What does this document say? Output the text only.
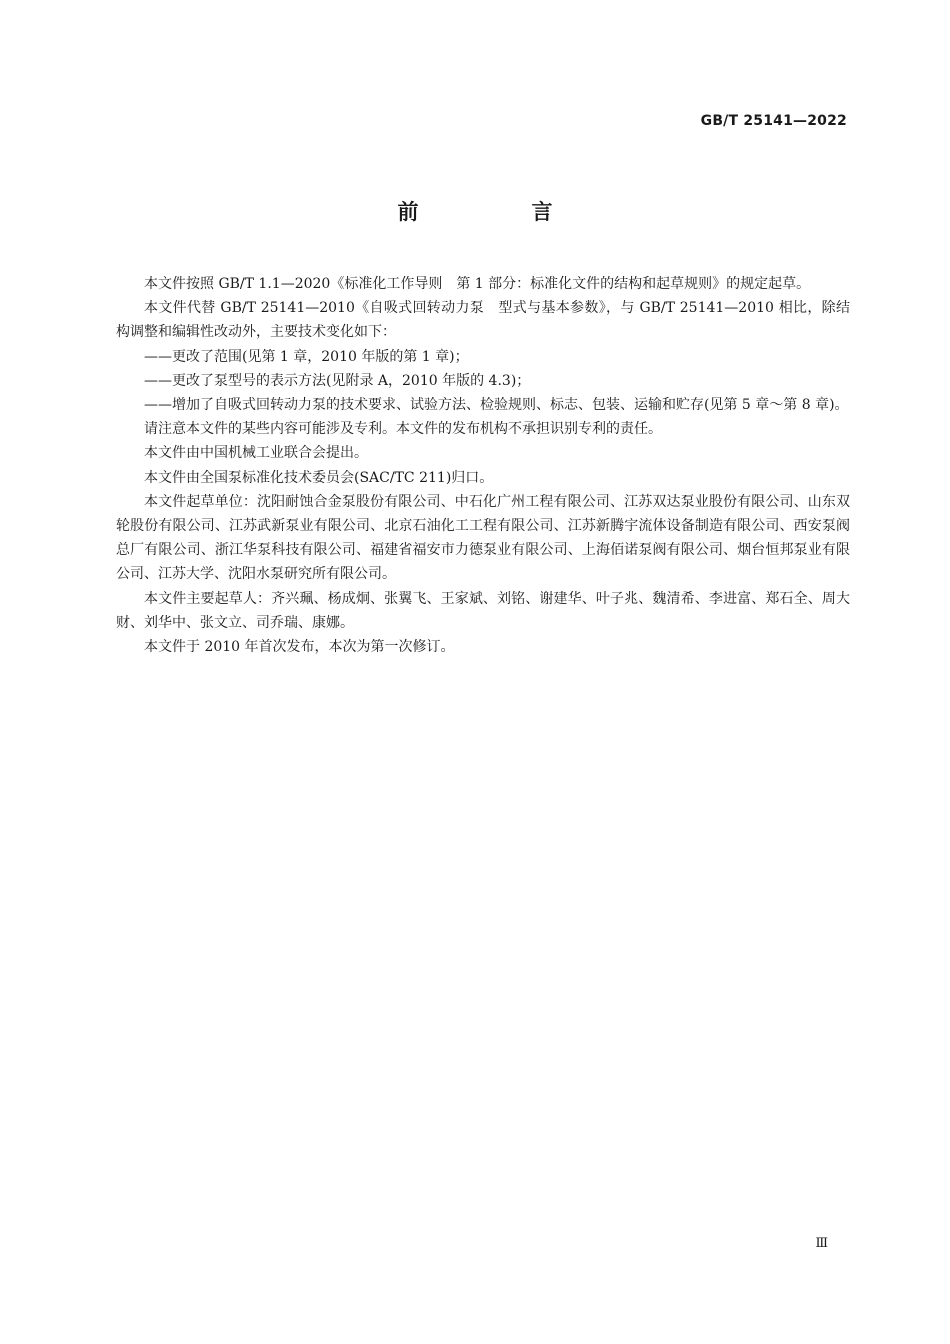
GB/T 25141—2022
前　言

本文件按照 GB/T 1.1—2020《标准化工作导则　第 1 部分：标准化文件的结构和起草规则》的规定起草。

本文件代替 GB/T 25141—2010《自吸式回转动力泵　型式与基本参数》，与 GB/T 25141—2010 相比，除结构调整和编辑性改动外，主要技术变化如下：

——更改了范围(见第 1 章，2010 年版的第 1 章)；

——更改了泵型号的表示方法(见附录 A，2010 年版的 4.3)；

——增加了自吸式回转动力泵的技术要求、试验方法、检验规则、标志、包装、运输和贮存(见第 5 章～第 8 章)。

请注意本文件的某些内容可能涉及专利。本文件的发布机构不承担识别专利的责任。

本文件由中国机械工业联合会提出。

本文件由全国泵标准化技术委员会(SAC/TC 211)归口。

本文件起草单位：沈阳耐蚀合金泵股份有限公司、中石化广州工程有限公司、江苏双达泵业股份有限公司、山东双轮股份有限公司、江苏武新泵业有限公司、北京石油化工工程有限公司、江苏新腾宇流体设备制造有限公司、西安泵阀总厂有限公司、浙江华泵科技有限公司、福建省福安市力德泵业有限公司、上海佰诺泵阀有限公司、烟台恒邦泵业有限公司、江苏大学、沈阳水泵研究所有限公司。

本文件主要起草人：齐兴珮、杨成炯、张翼飞、王家斌、刘铭、谢建华、叶子兆、魏清希、李进富、郑石全、周大财、刘华中、张文立、司乔瑞、康娜。

本文件于 2010 年首次发布，本次为第一次修订。

Ⅲ
